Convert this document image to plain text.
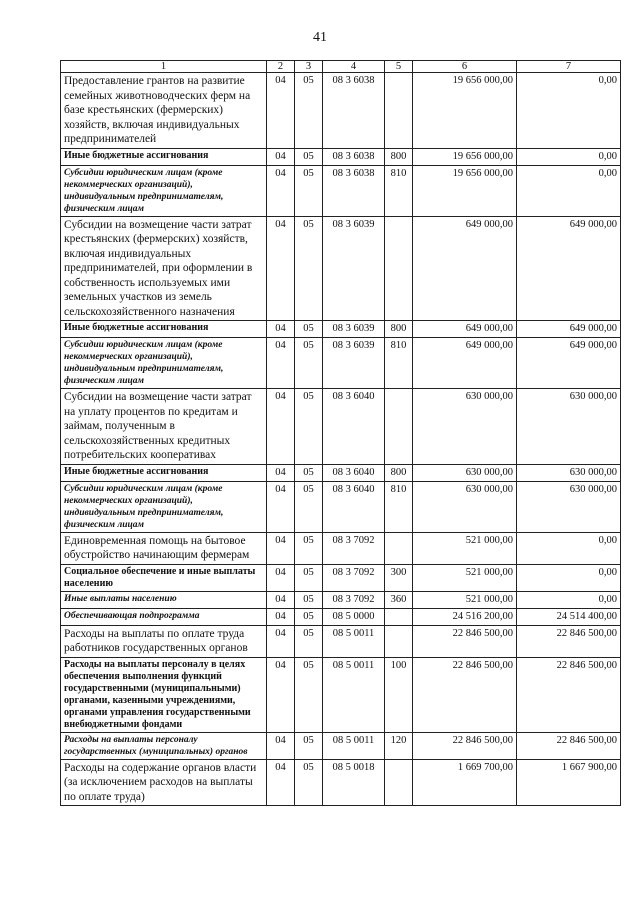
41
1	2	3	4	5	6	7
Предоставление грантов на развитие семейных животноводческих ферм на базе крестьянских (фермерских) хозяйств, включая индивидуальных предпринимателей	04	05	08 3 6038		19 656 000,00	0,00
Иные бюджетные ассигнования	04	05	08 3 6038	800	19 656 000,00	0,00
Субсидии юридическим лицам (кроме некоммерческих организаций), индивидуальным предпринимателям, физическим лицам	04	05	08 3 6038	810	19 656 000,00	0,00
Субсидии на возмещение части затрат крестьянских (фермерских) хозяйств, включая индивидуальных предпринимателей, при оформлении в собственность используемых ими земельных участков из земель сельскохозяйственного назначения	04	05	08 3 6039		649 000,00	649 000,00
Иные бюджетные ассигнования	04	05	08 3 6039	800	649 000,00	649 000,00
Субсидии юридическим лицам (кроме некоммерческих организаций), индивидуальным предпринимателям, физическим лицам	04	05	08 3 6039	810	649 000,00	649 000,00
Субсидии на возмещение части затрат на уплату процентов по кредитам и займам, полученным в сельскохозяйственных кредитных потребительских кооперативах	04	05	08 3 6040		630 000,00	630 000,00
Иные бюджетные ассигнования	04	05	08 3 6040	800	630 000,00	630 000,00
Субсидии юридическим лицам (кроме некоммерческих организаций), индивидуальным предпринимателям, физическим лицам	04	05	08 3 6040	810	630 000,00	630 000,00
Единовременная помощь на бытовое обустройство начинающим фермерам	04	05	08 3 7092		521 000,00	0,00
Социальное обеспечение и иные выплаты населению	04	05	08 3 7092	300	521 000,00	0,00
Иные выплаты населению	04	05	08 3 7092	360	521 000,00	0,00
Обеспечивающая подпрограмма	04	05	08 5 0000		24 516 200,00	24 514 400,00
Расходы на выплаты по оплате труда работников государственных органов	04	05	08 5 0011		22 846 500,00	22 846 500,00
Расходы на выплаты персоналу в целях обеспечения выполнения функций государственными (муниципальными) органами, казенными учреждениями, органами управления государственными внебюджетными фондами	04	05	08 5 0011	100	22 846 500,00	22 846 500,00
Расходы на выплаты персоналу государственных (муниципальных) органов	04	05	08 5 0011	120	22 846 500,00	22 846 500,00
Расходы на содержание органов власти (за исключением расходов на выплаты по оплате труда)	04	05	08 5 0018		1 669 700,00	1 667 900,00
